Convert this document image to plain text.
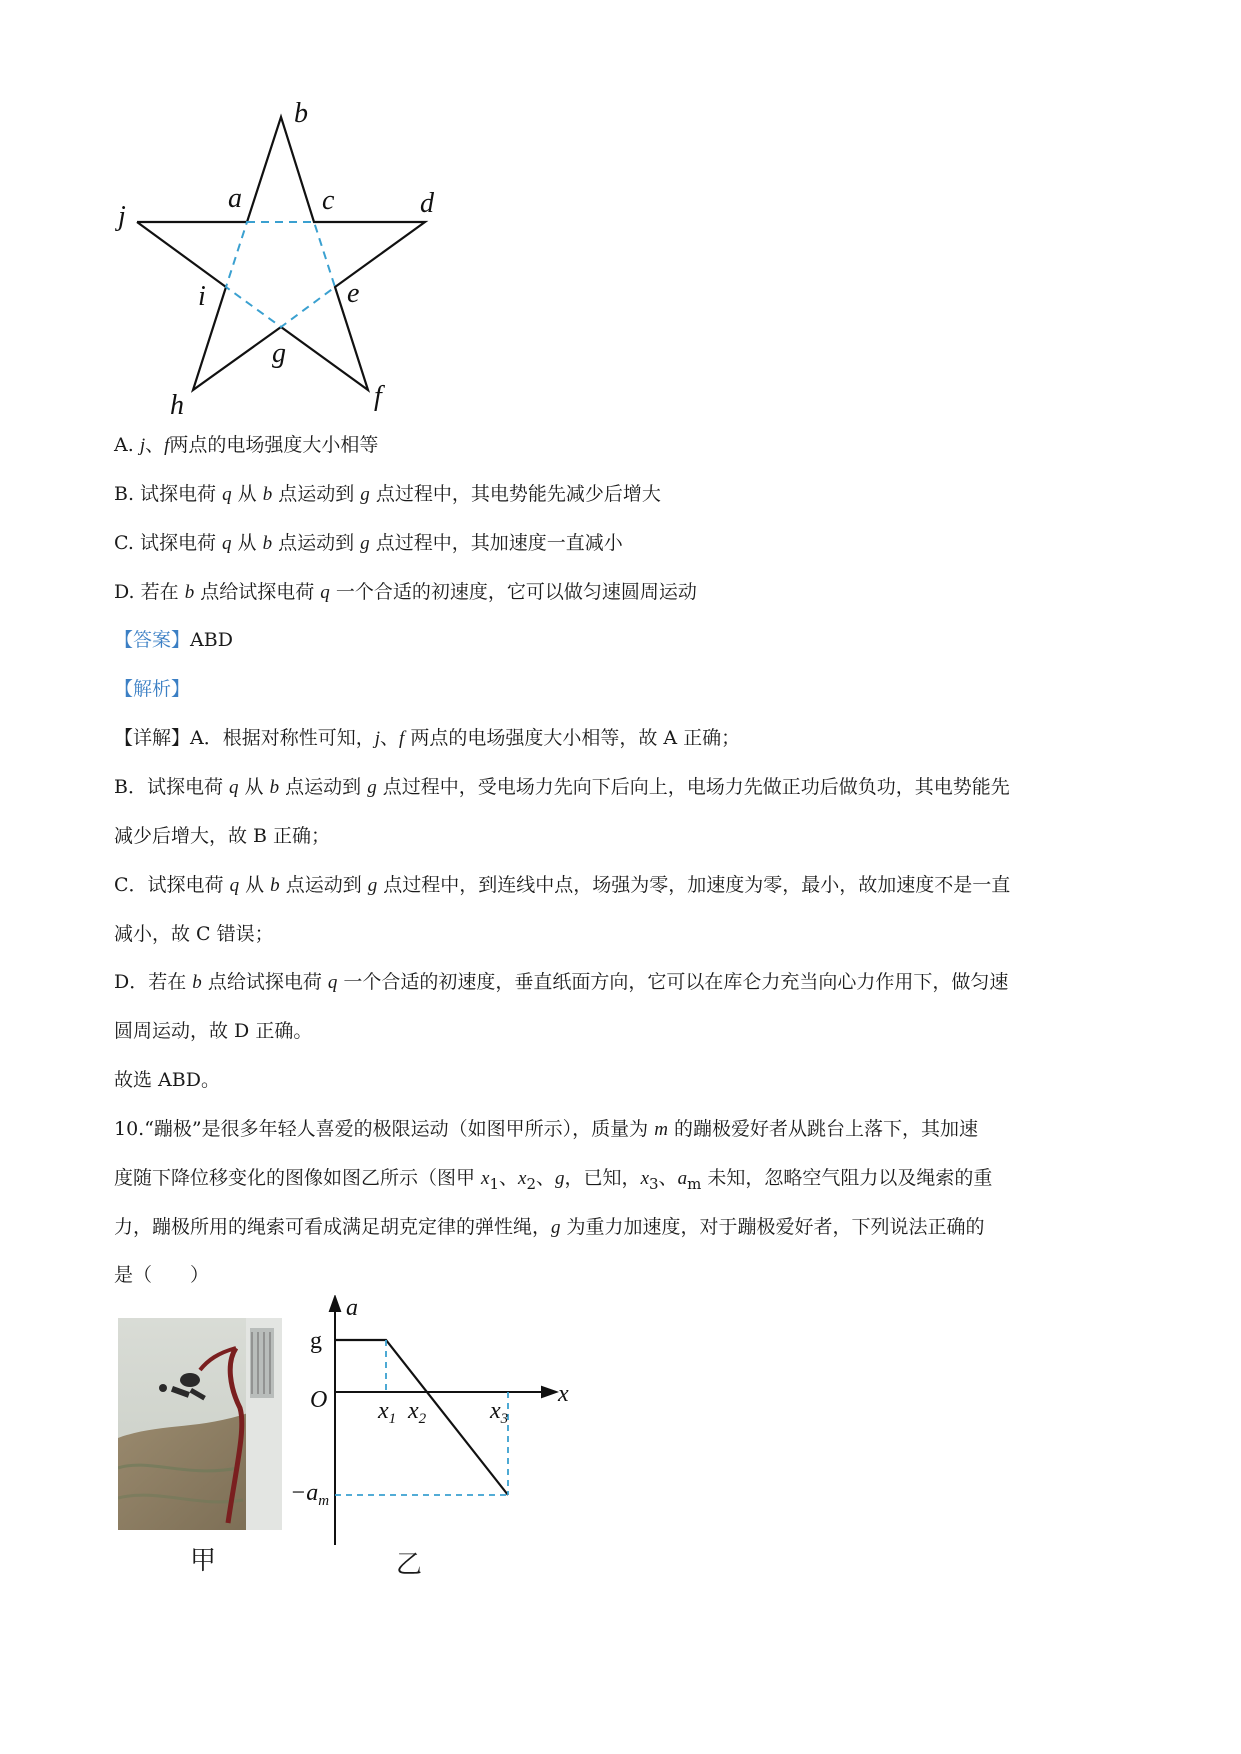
b
a	c	d
j
i	e
g
h	f
A. j、f两点的电场强度大小相等
B. 试探电荷 q 从 b 点运动到 g 点过程中，其电势能先减少后增大
C. 试探电荷 q 从 b 点运动到 g 点过程中，其加速度一直减小
D. 若在 b 点给试探电荷 q 一个合适的初速度，它可以做匀速圆周运动
【答案】ABD
【解析】
【详解】A．根据对称性可知，j、f 两点的电场强度大小相等，故 A 正确；
B．试探电荷 q 从 b 点运动到 g 点过程中，受电场力先向下后向上，电场力先做正功后做负功，其电势能先
减少后增大，故 B 正确；
C．试探电荷 q 从 b 点运动到 g 点过程中，到连线中点，场强为零，加速度为零，最小，故加速度不是一直
减小，故 C 错误；
D．若在 b 点给试探电荷 q 一个合适的初速度，垂直纸面方向，它可以在库仑力充当向心力作用下，做匀速
圆周运动，故 D 正确。
故选 ABD。
10.“蹦极”是很多年轻人喜爱的极限运动（如图甲所示），质量为 m 的蹦极爱好者从跳台上落下，其加速
度随下降位移变化的图像如图乙所示（图甲 $x_1$、$x_2$、g，已知，$x_3$、$a_m$ 未知，忽略空气阻力以及绳索的重
力，蹦极所用的绳索可看成满足胡克定律的弹性绳，g 为重力加速度，对于蹦极爱好者，下列说法正确的
是（　　）
a
x
O
g
$x_1$ $x_2$	$x_3$
$-a_m$
甲	乙
